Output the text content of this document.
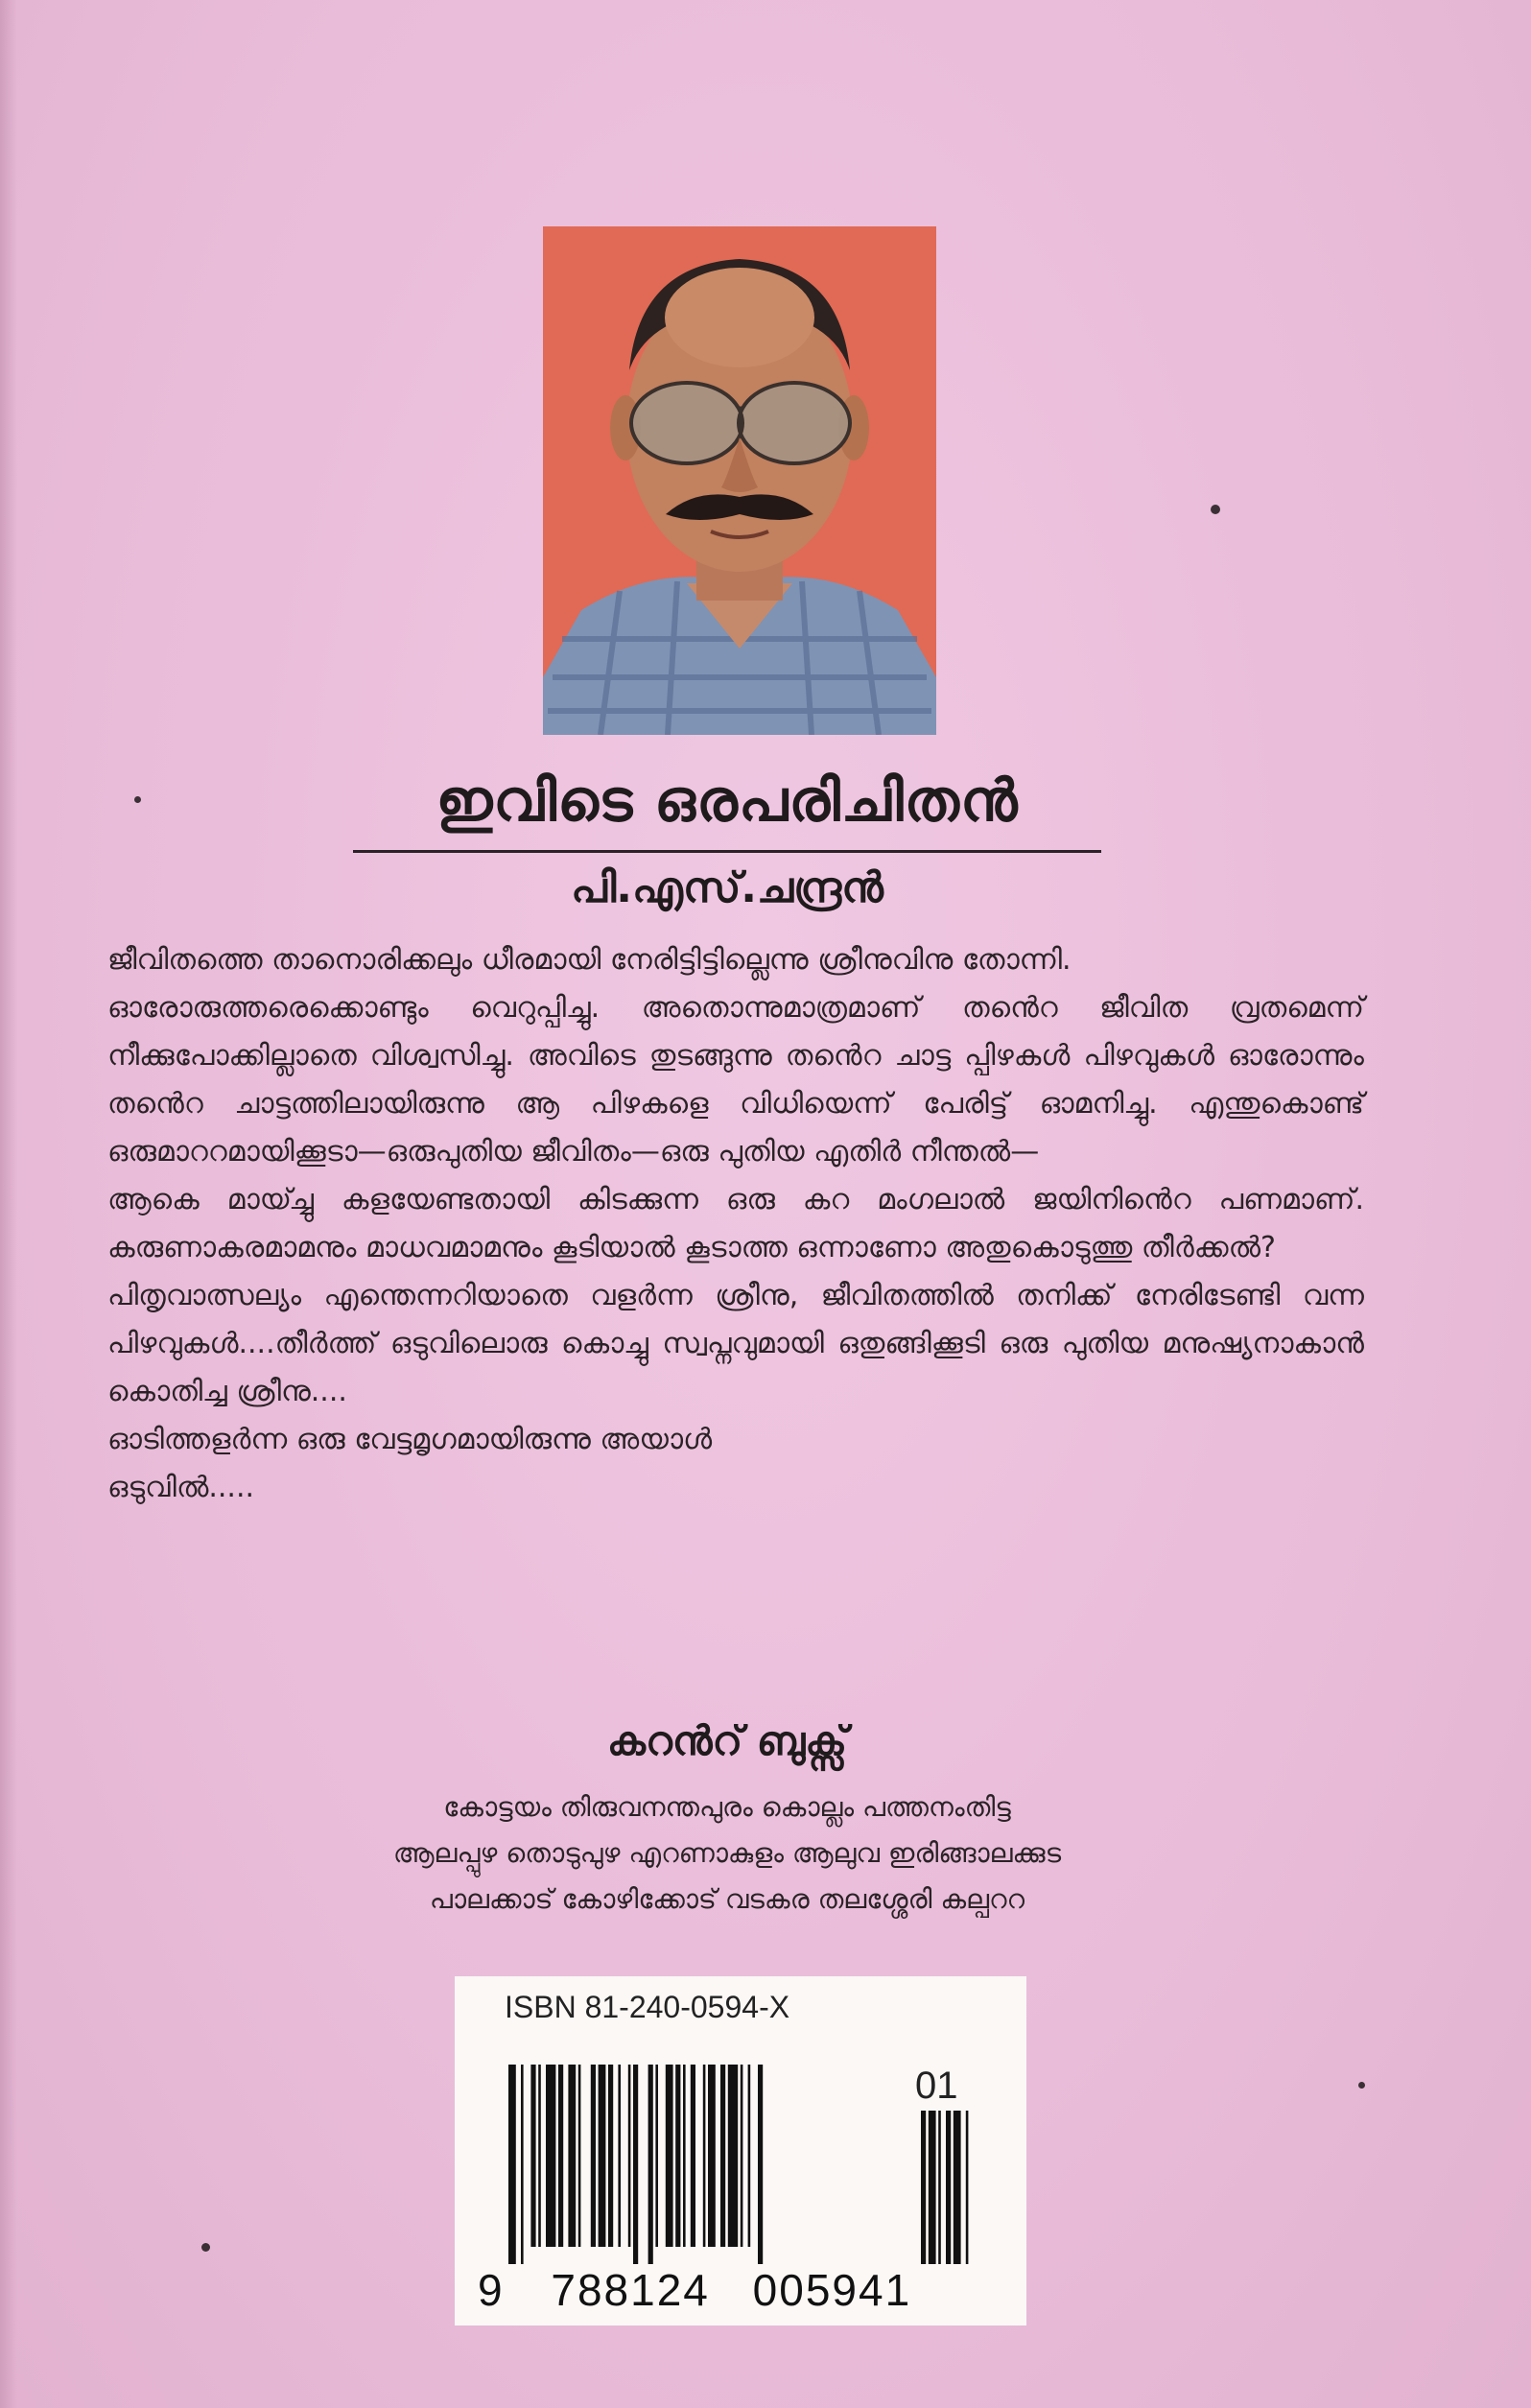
ഇവിടെ ഒരപരിചിതൻ
പി.എസ്.ചന്ദ്രൻ

ജീവിതത്തെ താനൊരിക്കലും ധീരമായി നേരിട്ടിട്ടില്ലെന്നു ശ്രീനുവിനു തോന്നി.

ഓരോരുത്തരെക്കൊണ്ടും വെറുപ്പിച്ചു. അതൊന്നുമാത്രമാണ് തൻെറ ജീവിത വ്രതമെന്ന് നീക്കുപോക്കില്ലാതെ വിശ്വസിച്ചു. അവിടെ തുടങ്ങുന്നു തൻെറ ചാട്ട പ്പിഴകൾ പിഴവുകൾ ഓരോന്നും തൻെറ ചാട്ടത്തിലായിരുന്നു ആ പിഴകളെ വിധിയെന്ന് പേരിട്ട് ഓമനിച്ചു. എന്തുകൊണ്ട് ഒരുമാററമായിക്കൂടാ—ഒരുപുതിയ ജീവിതം—ഒരു പുതിയ എതിർ നീന്തൽ—

ആകെ മായ്ച്ചു കളയേണ്ടതായി കിടക്കുന്ന ഒരു കറ മംഗലാൽ ജയിനിൻെറ പണമാണ്. കരുണാകരമാമനും മാധവമാമനും കൂടിയാൽ കൂടാത്ത ഒന്നാണോ അതുകൊടുത്തു തീർക്കൽ?

പിതൃവാത്സല്യം എന്തെന്നറിയാതെ വളർന്ന ശ്രീനു, ജീവിതത്തിൽ തനിക്ക് നേരിടേണ്ടി വന്ന പിഴവുകൾ....തീർത്ത് ഒടുവിലൊരു കൊച്ചു സ്വപ്നവുമായി ഒതുങ്ങിക്കൂടി ഒരു പുതിയ മനുഷ്യനാകാൻ കൊതിച്ച ശ്രീനു....

ഓടിത്തളർന്ന ഒരു വേട്ടമൃഗമായിരുന്നു അയാൾ

ഒടുവിൽ.....

കറൻറ് ബുക്സ്
കോട്ടയം തിരുവനന്തപുരം കൊല്ലം പത്തനംതിട്ട
ആലപ്പുഴ തൊടുപുഴ എറണാകുളം ആലുവ ഇരിങ്ങാലക്കുട
പാലക്കാട് കോഴിക്കോട് വടകര തലശ്ശേരി കല്പററ
ISBN 81-240-0594-X
01
9 788124 005941
